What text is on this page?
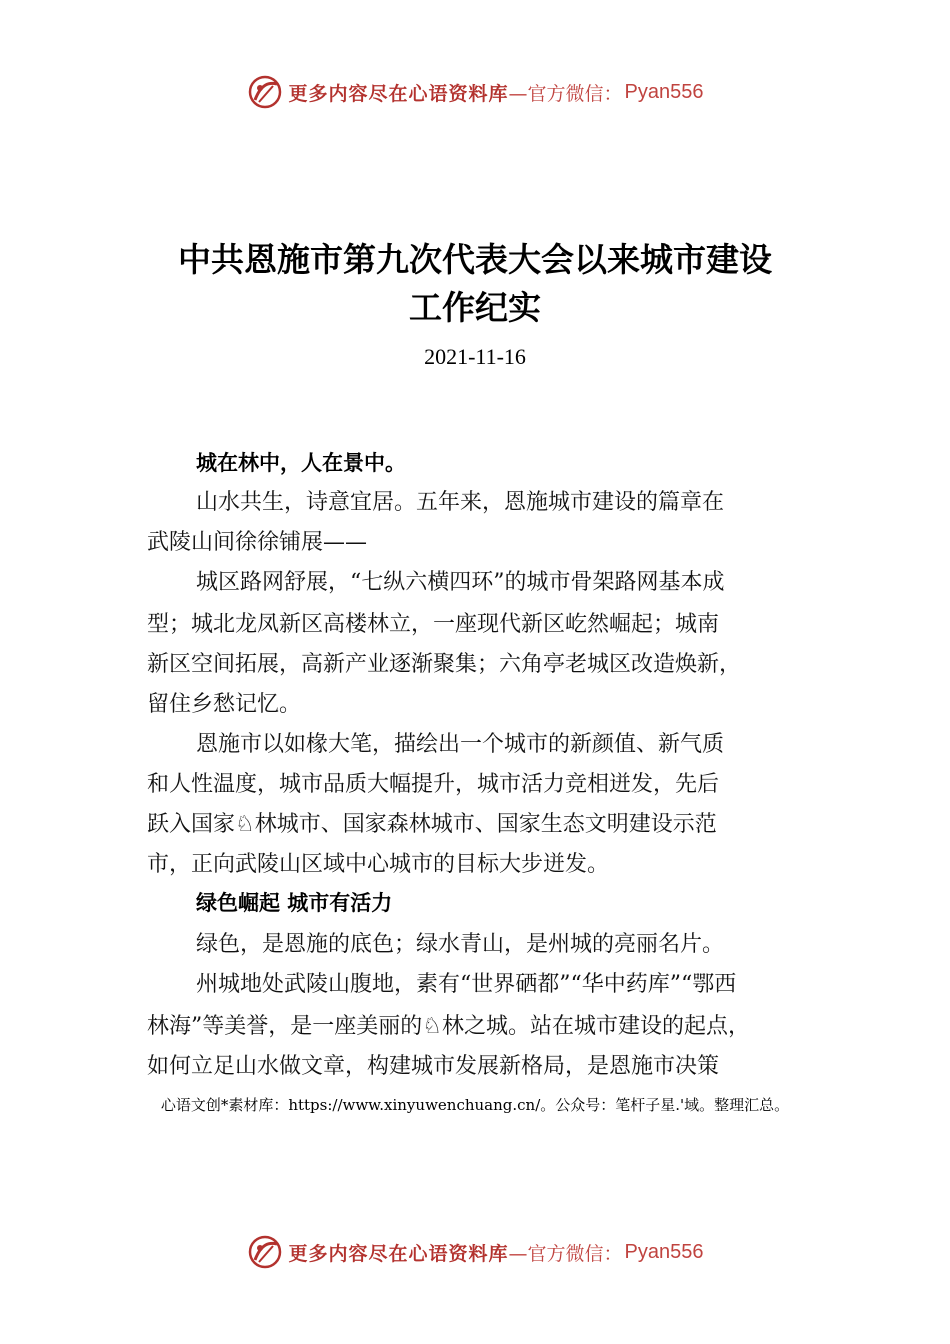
更多内容尽在心语资料库 —官方微信： Pyan556
中共恩施市第九次代表大会以来城市建设
工作纪实
2021-11-16
城在林中，人在景中。
山水共生，诗意宜居。五年来，恩施城市建设的篇章在
武陵山间徐徐铺展——
城区路网舒展，“七纵六横四环”的城市骨架路网基本成
型；城北龙凤新区高楼林立，一座现代新区屹然崛起；城南
新区空间拓展，高新产业逐渐聚集；六角亭老城区改造焕新，
留住乡愁记忆。
恩施市以如椽大笔，描绘出一个城市的新颜值、新气质
和人性温度，城市品质大幅提升，城市活力竞相迸发，先后
跃入国家♘林城市、国家森林城市、国家生态文明建设示范
市，正向武陵山区域中心城市的目标大步迸发。
绿色崛起 城市有活力
绿色，是恩施的底色；绿水青山，是州城的亮丽名片。
州城地处武陵山腹地，素有“世界硒都”“华中药库”“鄂西
林海”等美誉，是一座美丽的♘林之城。站在城市建设的起点，
如何立足山水做文章，构建城市发展新格局，是恩施市决策
心语文创*素材库：https://www.xinyuwenchuang.cn/。公众号：笔杆子星.'域。整理汇总。
更多内容尽在心语资料库 —官方微信： Pyan556
